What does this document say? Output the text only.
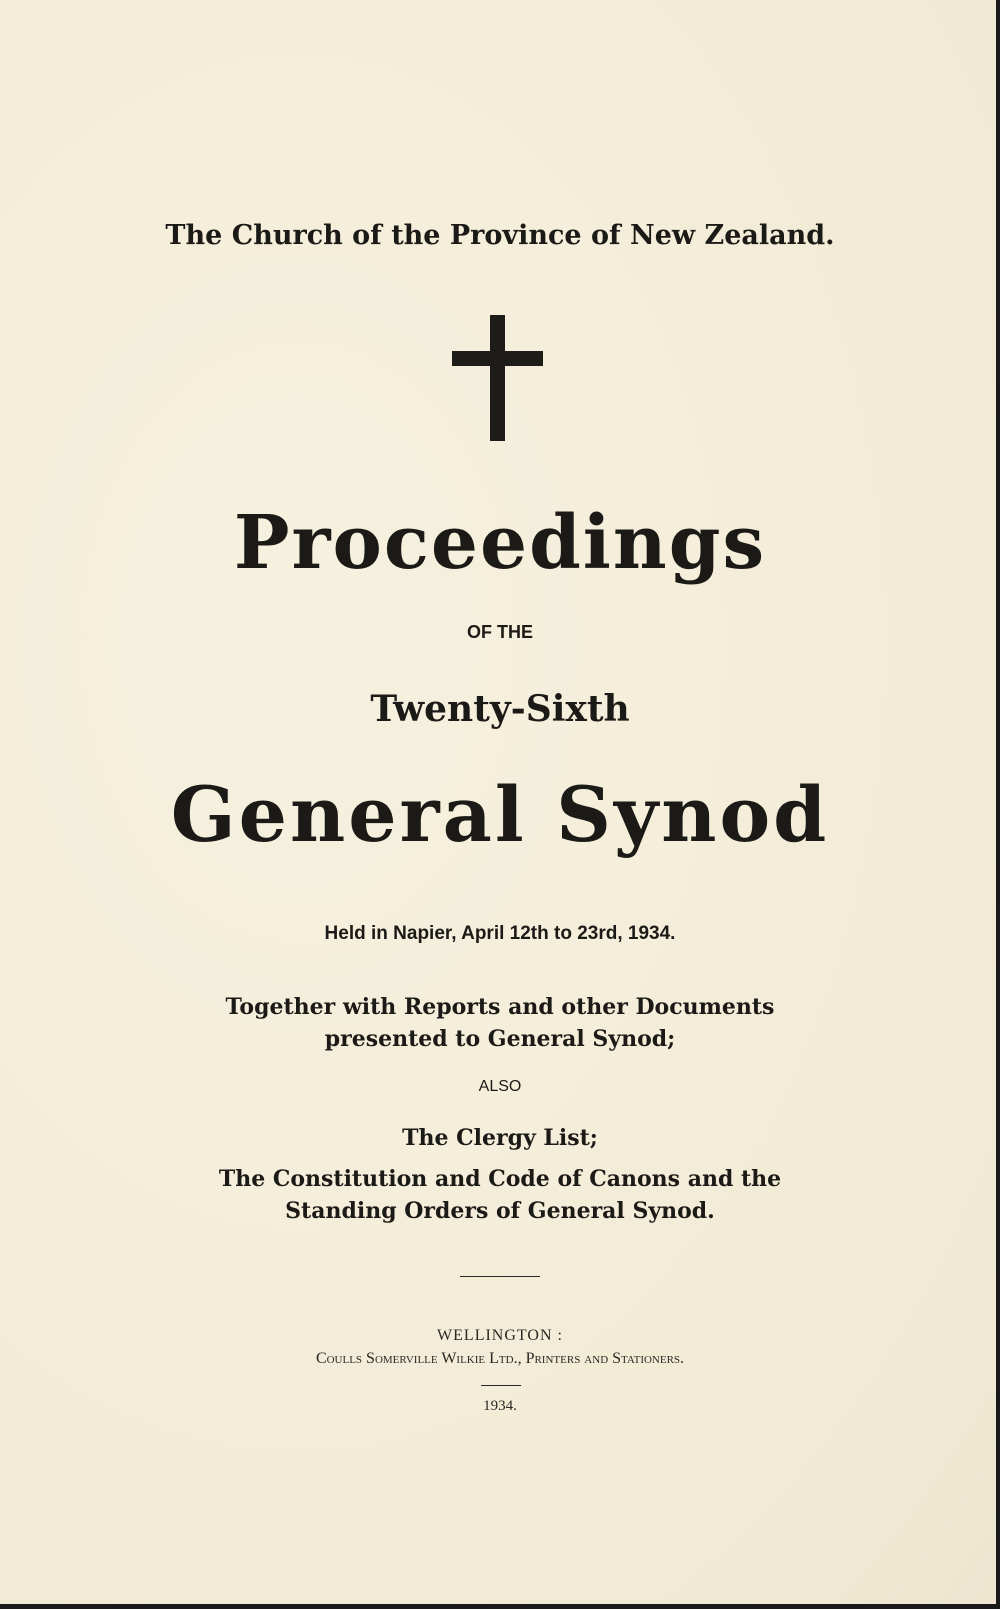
The Church of the Province of New Zealand.
Proceedings
OF THE
Twenty-Sixth
General Synod
Held in Napier, April 12th to 23rd, 1934.
Together with Reports and other Documents
presented to General Synod;
ALSO
The Clergy List;
The Constitution and Code of Canons and the
Standing Orders of General Synod.
WELLINGTON :
Coulls Somerville Wilkie Ltd., Printers and Stationers.
1934.
